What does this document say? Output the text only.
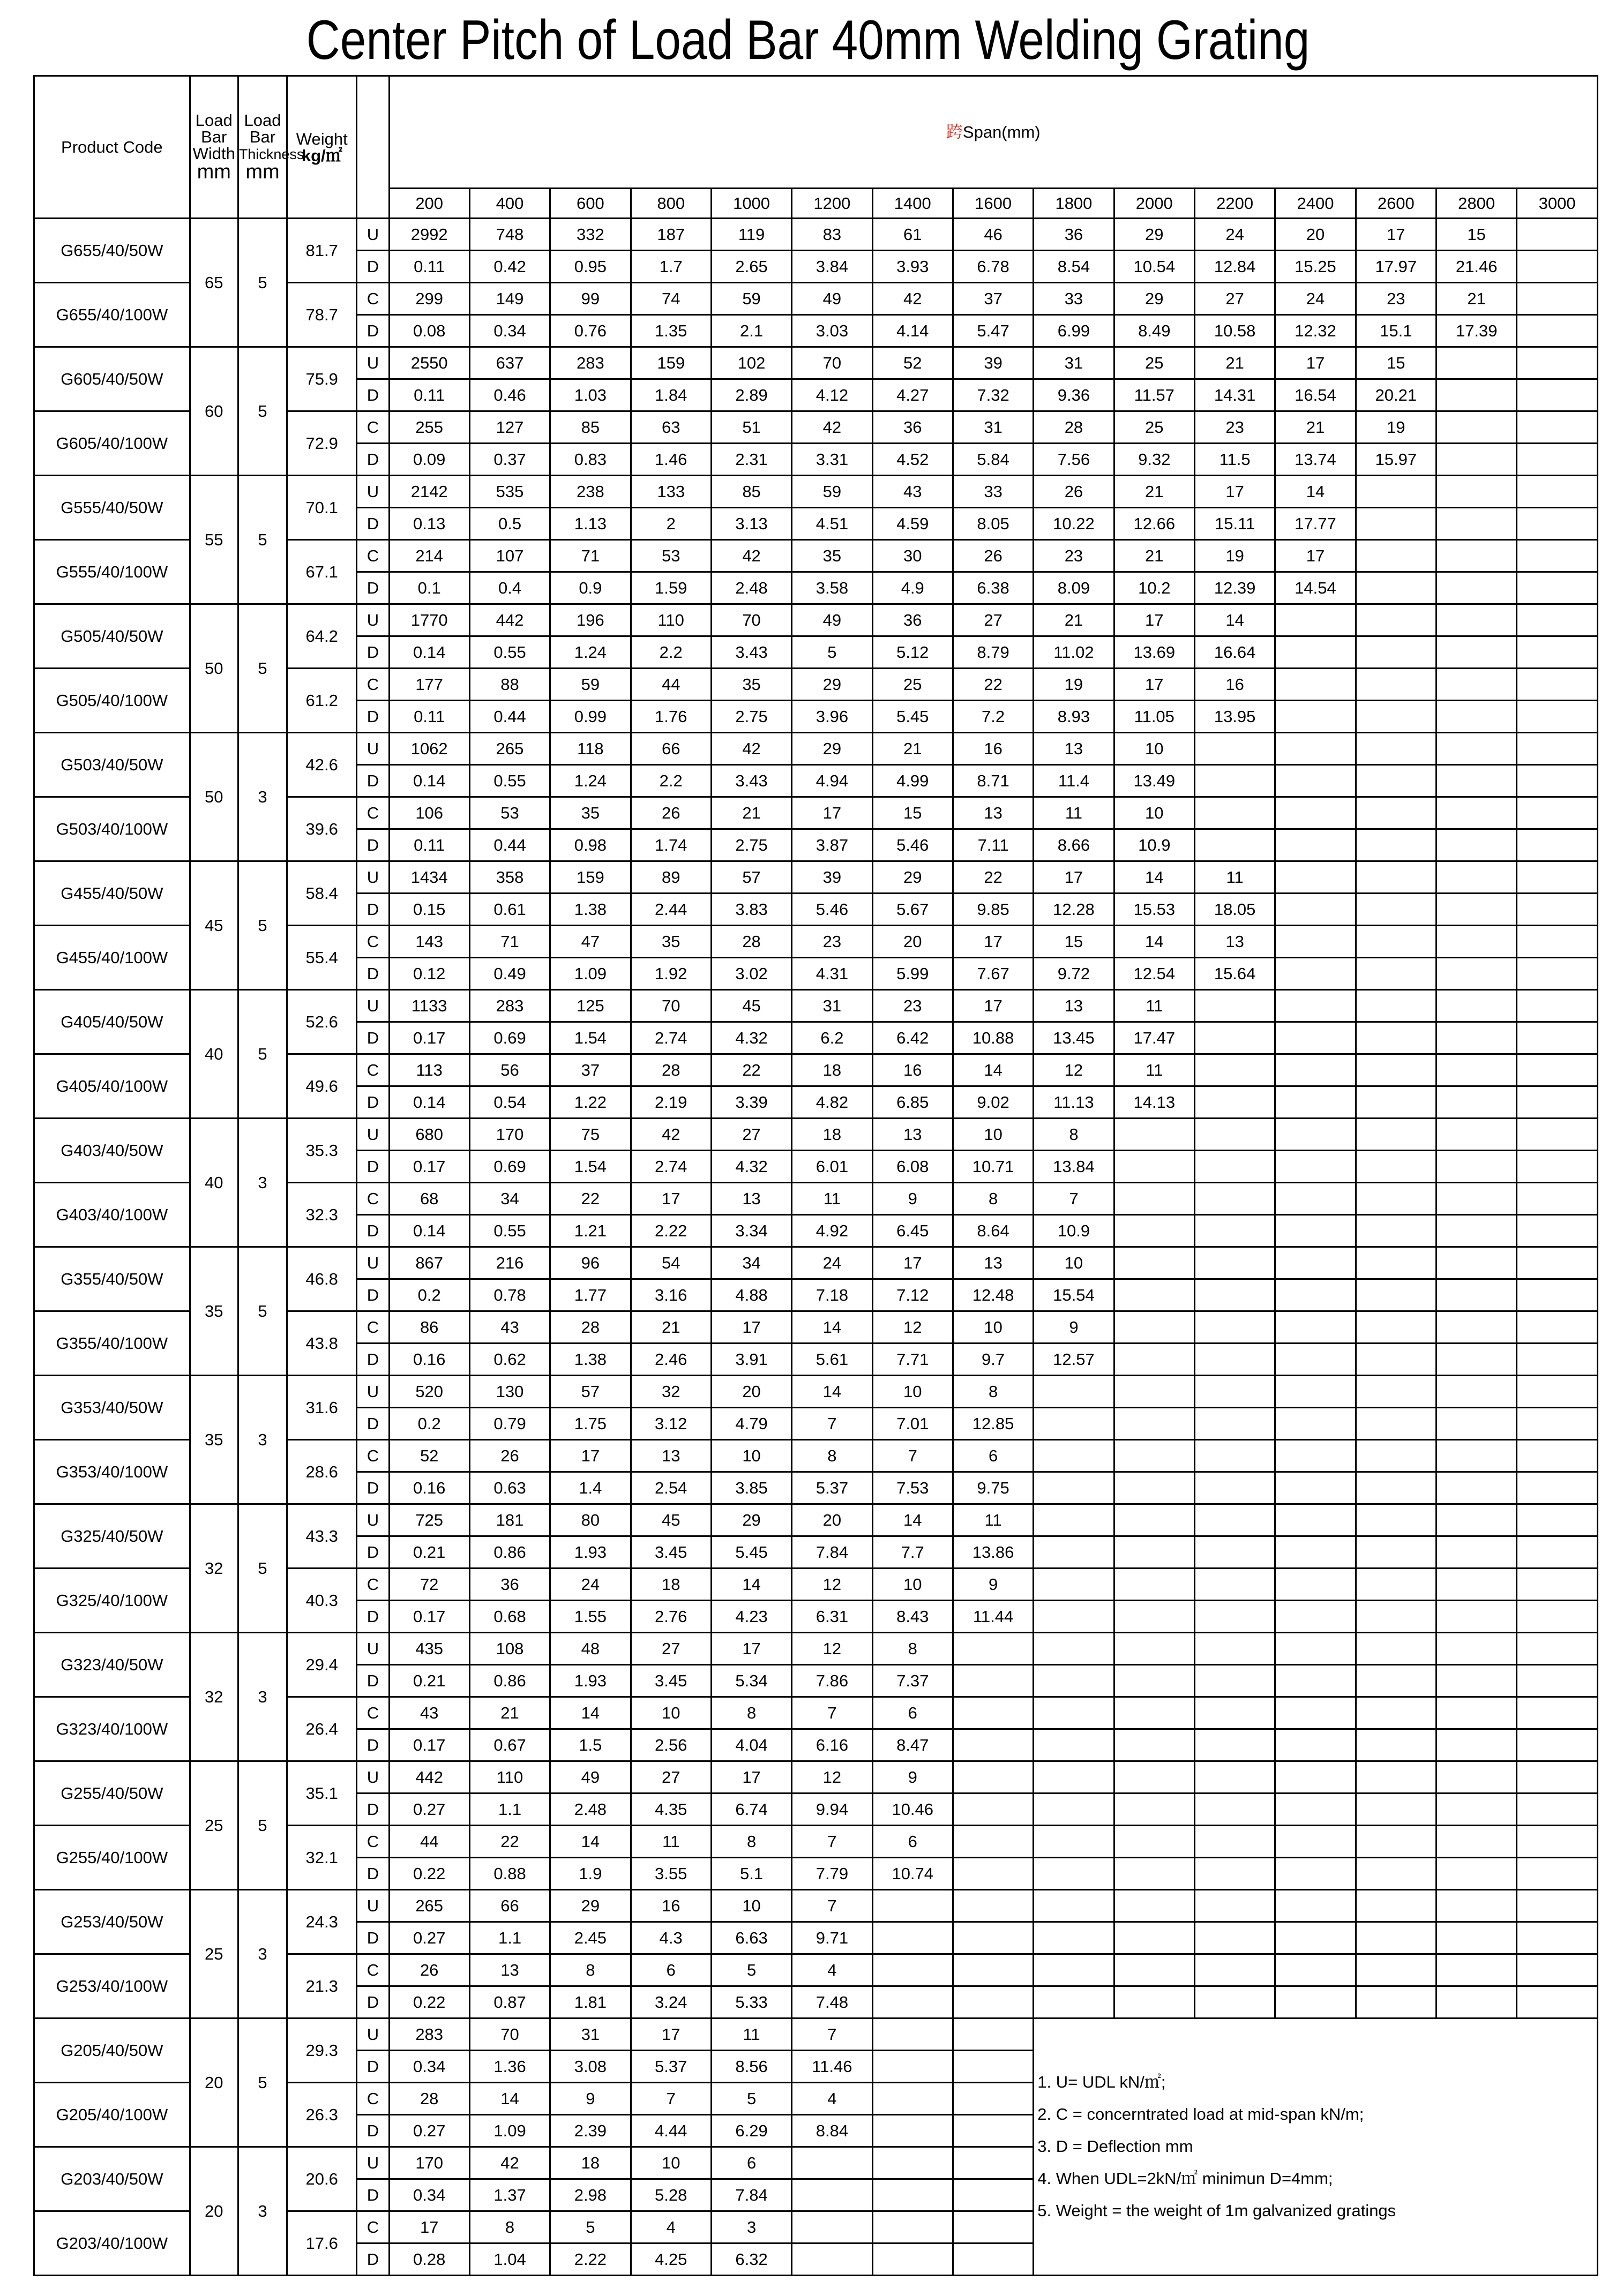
Center Pitch of Load Bar 40mm Welding Grating
Product Code	Load
Bar
Width
mm	Load
Bar
Thickness
mm	Weight
kg/㎡		跨Span(mm)														
					200	400	600	800	1000	1200	1400	1600	1800	2000	2200	2400	2600	2800	3000
G655/40/50W	65	5	81.7	U	2992	748	332	187	119	83	61	46	36	29	24	20	17	15	
				D	0.11	0.42	0.95	1.7	2.65	3.84	3.93	6.78	8.54	10.54	12.84	15.25	17.97	21.46	
G655/40/100W			78.7	C	299	149	99	74	59	49	42	37	33	29	27	24	23	21	
				D	0.08	0.34	0.76	1.35	2.1	3.03	4.14	5.47	6.99	8.49	10.58	12.32	15.1	17.39	
G605/40/50W	60	5	75.9	U	2550	637	283	159	102	70	52	39	31	25	21	17	15		
				D	0.11	0.46	1.03	1.84	2.89	4.12	4.27	7.32	9.36	11.57	14.31	16.54	20.21		
G605/40/100W			72.9	C	255	127	85	63	51	42	36	31	28	25	23	21	19		
				D	0.09	0.37	0.83	1.46	2.31	3.31	4.52	5.84	7.56	9.32	11.5	13.74	15.97		
G555/40/50W	55	5	70.1	U	2142	535	238	133	85	59	43	33	26	21	17	14			
				D	0.13	0.5	1.13	2	3.13	4.51	4.59	8.05	10.22	12.66	15.11	17.77			
G555/40/100W			67.1	C	214	107	71	53	42	35	30	26	23	21	19	17			
				D	0.1	0.4	0.9	1.59	2.48	3.58	4.9	6.38	8.09	10.2	12.39	14.54			
G505/40/50W	50	5	64.2	U	1770	442	196	110	70	49	36	27	21	17	14				
				D	0.14	0.55	1.24	2.2	3.43	5	5.12	8.79	11.02	13.69	16.64				
G505/40/100W			61.2	C	177	88	59	44	35	29	25	22	19	17	16				
				D	0.11	0.44	0.99	1.76	2.75	3.96	5.45	7.2	8.93	11.05	13.95				
G503/40/50W	50	3	42.6	U	1062	265	118	66	42	29	21	16	13	10					
				D	0.14	0.55	1.24	2.2	3.43	4.94	4.99	8.71	11.4	13.49					
G503/40/100W			39.6	C	106	53	35	26	21	17	15	13	11	10					
				D	0.11	0.44	0.98	1.74	2.75	3.87	5.46	7.11	8.66	10.9					
G455/40/50W	45	5	58.4	U	1434	358	159	89	57	39	29	22	17	14	11				
				D	0.15	0.61	1.38	2.44	3.83	5.46	5.67	9.85	12.28	15.53	18.05				
G455/40/100W			55.4	C	143	71	47	35	28	23	20	17	15	14	13				
				D	0.12	0.49	1.09	1.92	3.02	4.31	5.99	7.67	9.72	12.54	15.64				
G405/40/50W	40	5	52.6	U	1133	283	125	70	45	31	23	17	13	11					
				D	0.17	0.69	1.54	2.74	4.32	6.2	6.42	10.88	13.45	17.47					
G405/40/100W			49.6	C	113	56	37	28	22	18	16	14	12	11					
				D	0.14	0.54	1.22	2.19	3.39	4.82	6.85	9.02	11.13	14.13					
G403/40/50W	40	3	35.3	U	680	170	75	42	27	18	13	10	8						
				D	0.17	0.69	1.54	2.74	4.32	6.01	6.08	10.71	13.84						
G403/40/100W			32.3	C	68	34	22	17	13	11	9	8	7						
				D	0.14	0.55	1.21	2.22	3.34	4.92	6.45	8.64	10.9						
G355/40/50W	35	5	46.8	U	867	216	96	54	34	24	17	13	10						
				D	0.2	0.78	1.77	3.16	4.88	7.18	7.12	12.48	15.54						
G355/40/100W			43.8	C	86	43	28	21	17	14	12	10	9						
				D	0.16	0.62	1.38	2.46	3.91	5.61	7.71	9.7	12.57						
G353/40/50W	35	3	31.6	U	520	130	57	32	20	14	10	8							
				D	0.2	0.79	1.75	3.12	4.79	7	7.01	12.85							
G353/40/100W			28.6	C	52	26	17	13	10	8	7	6							
				D	0.16	0.63	1.4	2.54	3.85	5.37	7.53	9.75							
G325/40/50W	32	5	43.3	U	725	181	80	45	29	20	14	11							
				D	0.21	0.86	1.93	3.45	5.45	7.84	7.7	13.86							
G325/40/100W			40.3	C	72	36	24	18	14	12	10	9							
				D	0.17	0.68	1.55	2.76	4.23	6.31	8.43	11.44							
G323/40/50W	32	3	29.4	U	435	108	48	27	17	12	8								
				D	0.21	0.86	1.93	3.45	5.34	7.86	7.37								
G323/40/100W			26.4	C	43	21	14	10	8	7	6								
				D	0.17	0.67	1.5	2.56	4.04	6.16	8.47								
G255/40/50W	25	5	35.1	U	442	110	49	27	17	12	9								
				D	0.27	1.1	2.48	4.35	6.74	9.94	10.46								
G255/40/100W			32.1	C	44	22	14	11	8	7	6								
				D	0.22	0.88	1.9	3.55	5.1	7.79	10.74								
G253/40/50W	25	3	24.3	U	265	66	29	16	10	7									
				D	0.27	1.1	2.45	4.3	6.63	9.71									
G253/40/100W			21.3	C	26	13	8	6	5	4									
				D	0.22	0.87	1.81	3.24	5.33	7.48									
G205/40/50W	20	5	29.3	U	283	70	31	17	11	7			1. U= UDL kN/㎡;
2. C = concerntrated load at mid-span kN/m;
3. D = Deflection mm
4. When UDL=2kN/㎡ minimun D=4mm;
5. Weight = the weight of 1m galvanized gratings						

				D	0.34	1.36	3.08	5.37	8.56	11.46									
G205/40/100W			26.3	C	28	14	9	7	5	4									
				D	0.27	1.09	2.39	4.44	6.29	8.84									
G203/40/50W	20	3	20.6	U	170	42	18	10	6										
				D	0.34	1.37	2.98	5.28	7.84										
G203/40/100W			17.6	C	17	8	5	4	3										
				D	0.28	1.04	2.22	4.25	6.32										
